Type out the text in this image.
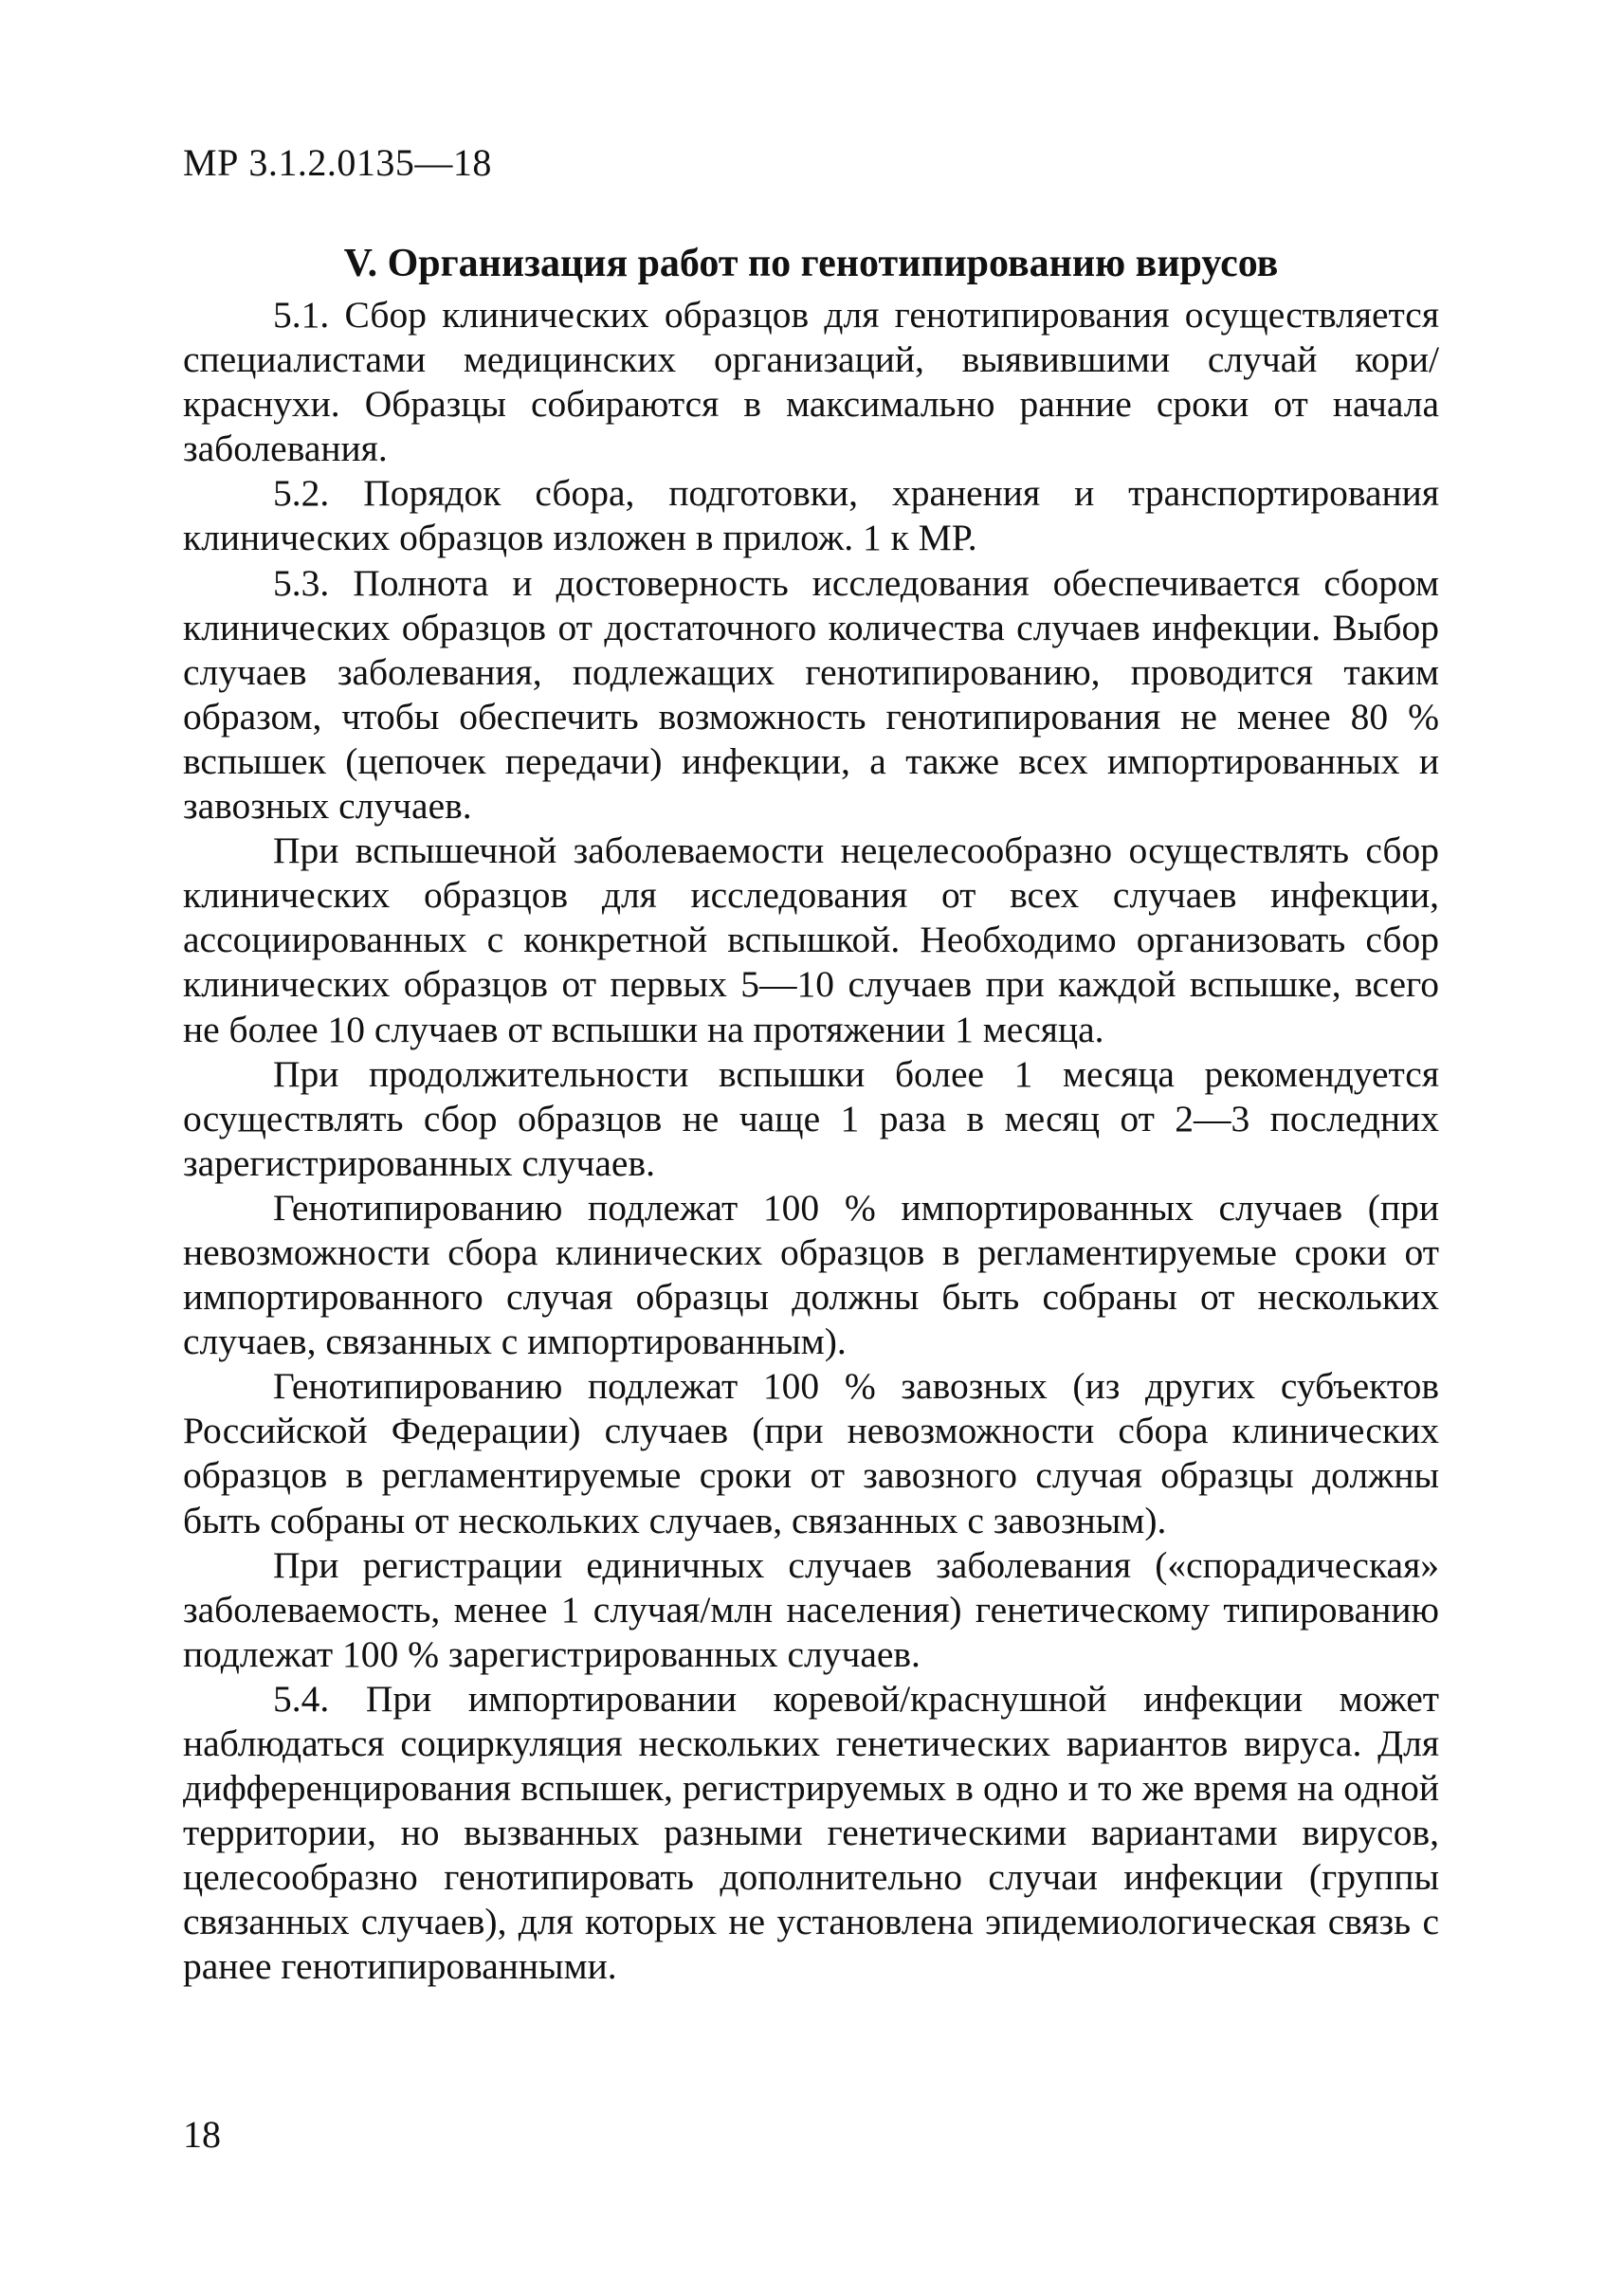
МР 3.1.2.0135—18
V. Организация работ по генотипированию вирусов

5.1. Сбор клинических образцов для генотипирования осуществляется специалистами медицинских организаций, выявившими случай кори/краснухи. Образцы собираются в максимально ранние сроки от начала заболевания.

5.2. Порядок сбора, подготовки, хранения и транспортирования клинических образцов изложен в прилож. 1 к МР.

5.3. Полнота и достоверность исследования обеспечивается сбором клинических образцов от достаточного количества случаев инфекции. Выбор случаев заболевания, подлежащих генотипированию, проводится таким образом, чтобы обеспечить возможность генотипирования не менее 80 % вспышек (цепочек передачи) инфекции, а также всех импортированных и завозных случаев.

При вспышечной заболеваемости нецелесообразно осуществлять сбор клинических образцов для исследования от всех случаев инфекции, ассоциированных с конкретной вспышкой. Необходимо организовать сбор клинических образцов от первых 5—10 случаев при каждой вспышке, всего не более 10 случаев от вспышки на протяжении 1 месяца.

При продолжительности вспышки более 1 месяца рекомендуется осуществлять сбор образцов не чаще 1 раза в месяц от 2—3 последних зарегистрированных случаев.

Генотипированию подлежат 100 % импортированных случаев (при невозможности сбора клинических образцов в регламентируемые сроки от импортированного случая образцы должны быть собраны от нескольких случаев, связанных с импортированным).

Генотипированию подлежат 100 % завозных (из других субъектов Российской Федерации) случаев (при невозможности сбора клинических образцов в регламентируемые сроки от завозного случая образцы должны быть собраны от нескольких случаев, связанных с завозным).

При регистрации единичных случаев заболевания («спорадическая» заболеваемость, менее 1 случая/млн населения) генетическому типированию подлежат 100 % зарегистрированных случаев.

5.4. При импортировании коревой/краснушной инфекции может наблюдаться социркуляция нескольких генетических вариантов вируса. Для дифференцирования вспышек, регистрируемых в одно и то же время на одной территории, но вызванных разными генетическими вариантами вирусов, целесообразно генотипировать дополнительно случаи инфекции (группы связанных случаев), для которых не установлена эпидемиологическая связь с ранее генотипированными.

18
